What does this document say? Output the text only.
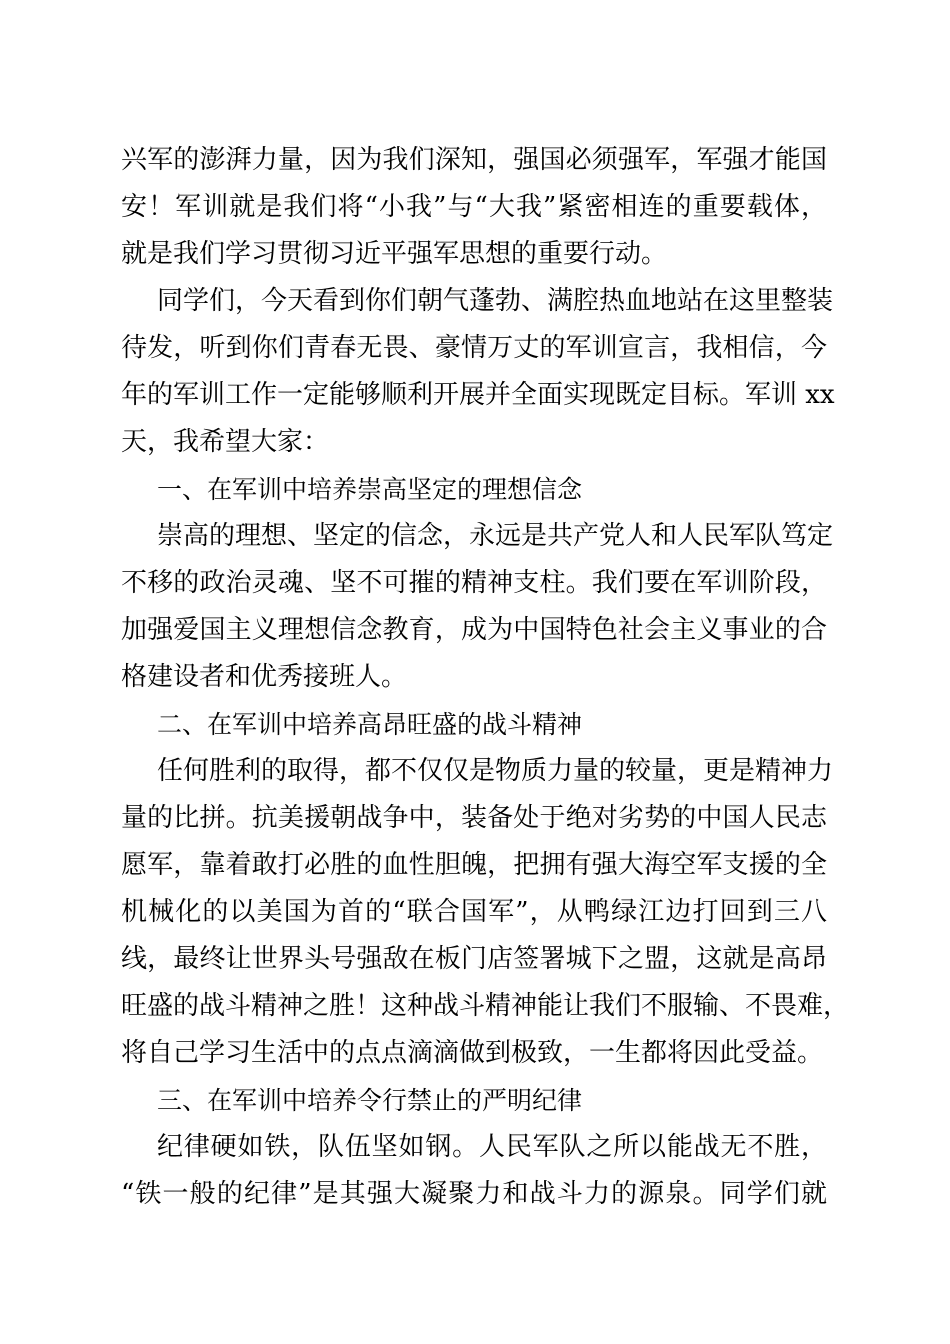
兴军的澎湃力量，因为我们深知，强国必须强军，军强才能国
安！军训就是我们将“小我”与“大我”紧密相连的重要载体，
就是我们学习贯彻习近平强军思想的重要行动。
同学们，今天看到你们朝气蓬勃、满腔热血地站在这里整装
待发，听到你们青春无畏、豪情万丈的军训宣言，我相信，今
年的军训工作一定能够顺利开展并全面实现既定目标。军训 xx
天，我希望大家：
一、在军训中培养崇高坚定的理想信念
崇高的理想、坚定的信念，永远是共产党人和人民军队笃定
不移的政治灵魂、坚不可摧的精神支柱。我们要在军训阶段，
加强爱国主义理想信念教育，成为中国特色社会主义事业的合
格建设者和优秀接班人。
二、在军训中培养高昂旺盛的战斗精神
任何胜利的取得，都不仅仅是物质力量的较量，更是精神力
量的比拼。抗美援朝战争中，装备处于绝对劣势的中国人民志
愿军，靠着敢打必胜的血性胆魄，把拥有强大海空军支援的全
机械化的以美国为首的“联合国军”，从鸭绿江边打回到三八
线，最终让世界头号强敌在板门店签署城下之盟，这就是高昂
旺盛的战斗精神之胜！这种战斗精神能让我们不服输、不畏难，
将自己学习生活中的点点滴滴做到极致，一生都将因此受益。
三、在军训中培养令行禁止的严明纪律
纪律硬如铁，队伍坚如钢。人民军队之所以能战无不胜，
“铁一般的纪律”是其强大凝聚力和战斗力的源泉。同学们就
